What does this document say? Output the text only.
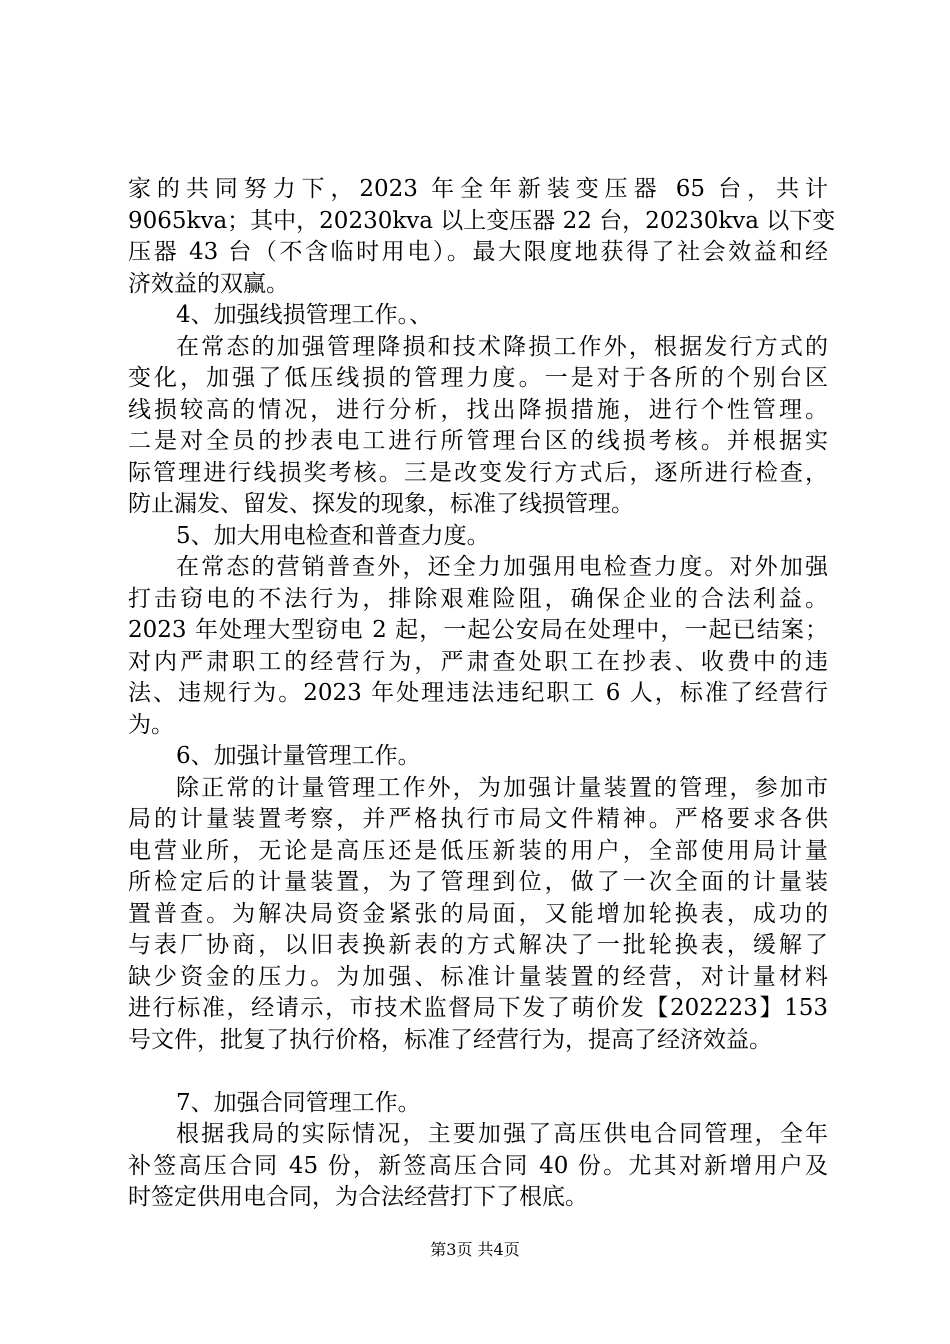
家的共同努力下，2023 年全年新装变压器 65 台，共计
9065kva；其中，20230kva 以上变压器 22 台，20230kva 以下变
压器 43 台（不含临时用电）。最大限度地获得了社会效益和经
济效益的双赢。
4、加强线损管理工作。、
在常态的加强管理降损和技术降损工作外，根据发行方式的
变化，加强了低压线损的管理力度。一是对于各所的个别台区
线损较高的情况，进行分析，找出降损措施，进行个性管理。
二是对全员的抄表电工进行所管理台区的线损考核。并根据实
际管理进行线损奖考核。三是改变发行方式后，逐所进行检查，
防止漏发、留发、探发的现象，标准了线损管理。
5、加大用电检查和普查力度。
在常态的营销普查外，还全力加强用电检查力度。对外加强
打击窃电的不法行为，排除艰难险阻，确保企业的合法利益。
2023 年处理大型窃电 2 起，一起公安局在处理中，一起已结案；
对内严肃职工的经营行为，严肃查处职工在抄表、收费中的违
法、违规行为。2023 年处理违法违纪职工 6 人，标准了经营行
为。
6、加强计量管理工作。
除正常的计量管理工作外，为加强计量装置的管理，参加市
局的计量装置考察，并严格执行市局文件精神。严格要求各供
电营业所，无论是高压还是低压新装的用户，全部使用局计量
所检定后的计量装置，为了管理到位，做了一次全面的计量装
置普查。为解决局资金紧张的局面，又能增加轮换表，成功的
与表厂协商，以旧表换新表的方式解决了一批轮换表，缓解了
缺少资金的压力。为加强、标准计量装置的经营，对计量材料
进行标准，经请示，市技术监督局下发了萌价发【202223】153
号文件，批复了执行价格，标准了经营行为，提高了经济效益。
7、加强合同管理工作。
根据我局的实际情况，主要加强了高压供电合同管理，全年
补签高压合同 45 份，新签高压合同 40 份。尤其对新增用户及
时签定供用电合同，为合法经营打下了根底。
第3页 共4页
